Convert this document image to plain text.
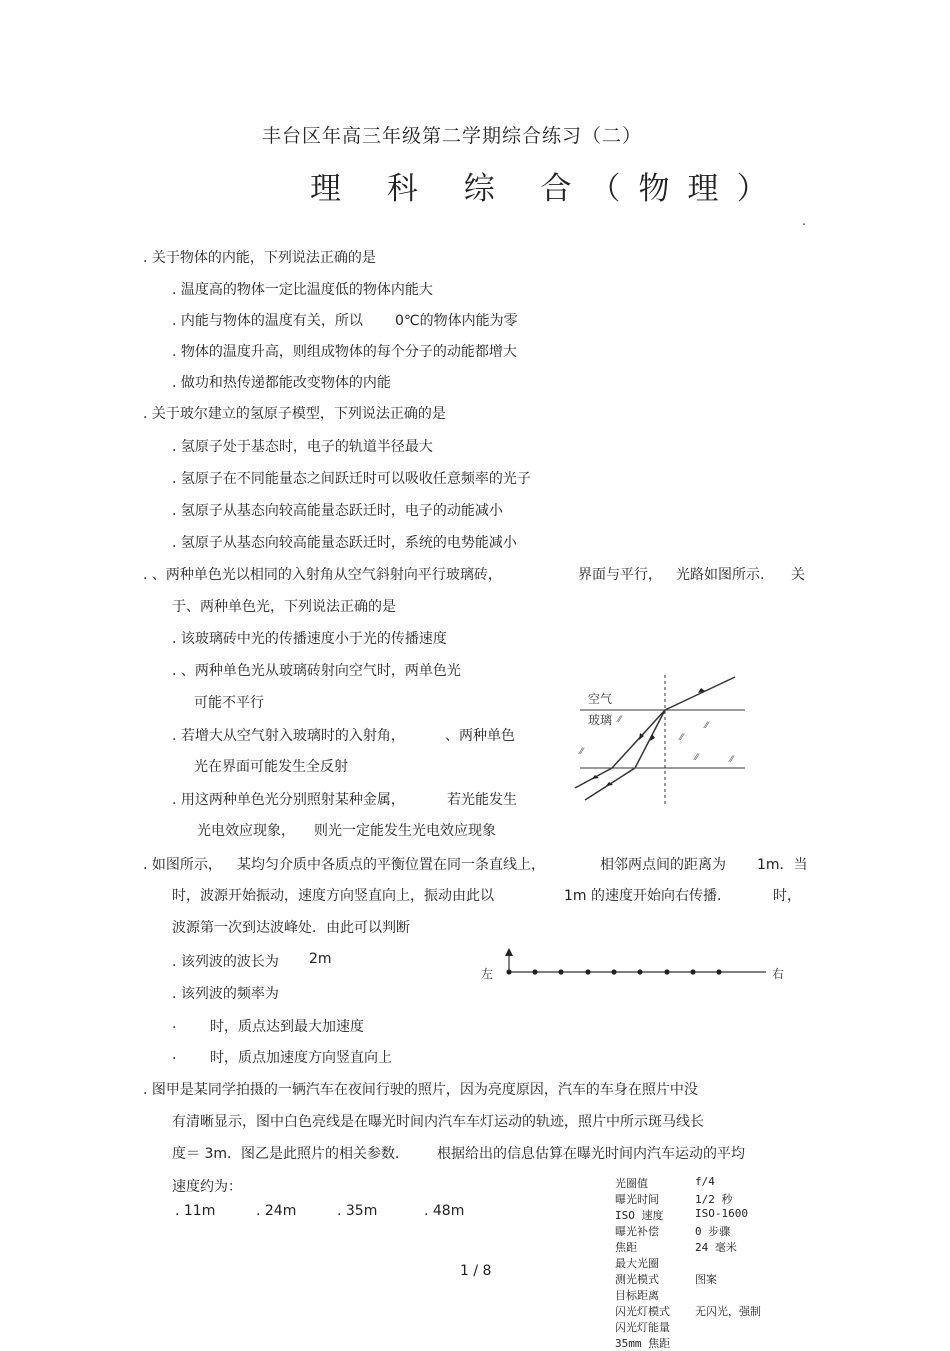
丰台区年高三年级第二学期综合练习（二）
理 科 综 合（物理）
.
. 关于物体的内能，下列说法正确的是
. 温度高的物体一定比温度低的物体内能大
. 内能与物体的温度有关，所以 0℃的物体内能为零
. 物体的温度升高，则组成物体的每个分子的动能都增大
. 做功和热传递都能改变物体的内能
. 关于玻尔建立的氢原子模型，下列说法正确的是
. 氢原子处于基态时，电子的轨道半径最大
. 氢原子在不同能量态之间跃迁时可以吸收任意频率的光子
. 氢原子从基态向较高能量态跃迁时，电子的动能减小
. 氢原子从基态向较高能量态跃迁时，系统的电势能减小
. 、两种单色光以相同的入射角从空气斜射向平行玻璃砖，	界面与平行， 光路如图所示. 关
于、两种单色光，下列说法正确的是
. 该玻璃砖中光的传播速度小于光的传播速度
. 、两种单色光从玻璃砖射向空气时，两单色光
可能不平行
. 若增大从空气射入玻璃时的入射角，	、两种单色
光在界面可能发生全反射
. 用这两种单色光分别照射某种金属，	若光能发生
光电效应现象， 则光一定能发生光电效应现象
⁄⁄
⁄⁄
⁄⁄
⁄⁄	⁄⁄
⁄⁄
空气
玻璃
. 如图所示， 某均匀介质中各质点的平衡位置在同一条直线上，	相邻两点间的距离为 1m．当
时，波源开始振动，速度方向竖直向上，振动由此以	1m 的速度开始向右传播．	时，
波源第一次到达波峰处．由此可以判断
. 该列波的波长为 2m
. 该列波的频率为
. 时，质点达到最大加速度
. 时，质点加速度方向竖直向上
左	右
. 图甲是某同学拍摄的一辆汽车在夜间行驶的照片，因为亮度原因，汽车的车身在照片中没
有清晰显示，图中白色亮线是在曝光时间内汽车车灯运动的轨迹，照片中所示斑马线长
度＝ 3m．图乙是此照片的相关参数． 根据给出的信息估算在曝光时间内汽车运动的平均
速度约为：
. 11m	. 24m	. 35m	. 48m
光圈值	f/4
曝光时间	1/2 秒
ISO 速度	ISO-1600
曝光补偿	0 步骤
焦距	24 毫米
最大光圈
测光模式	图案
目标距离
闪光灯模式 无闪光，强制
闪光灯能量
35mm 焦距
1 / 8
